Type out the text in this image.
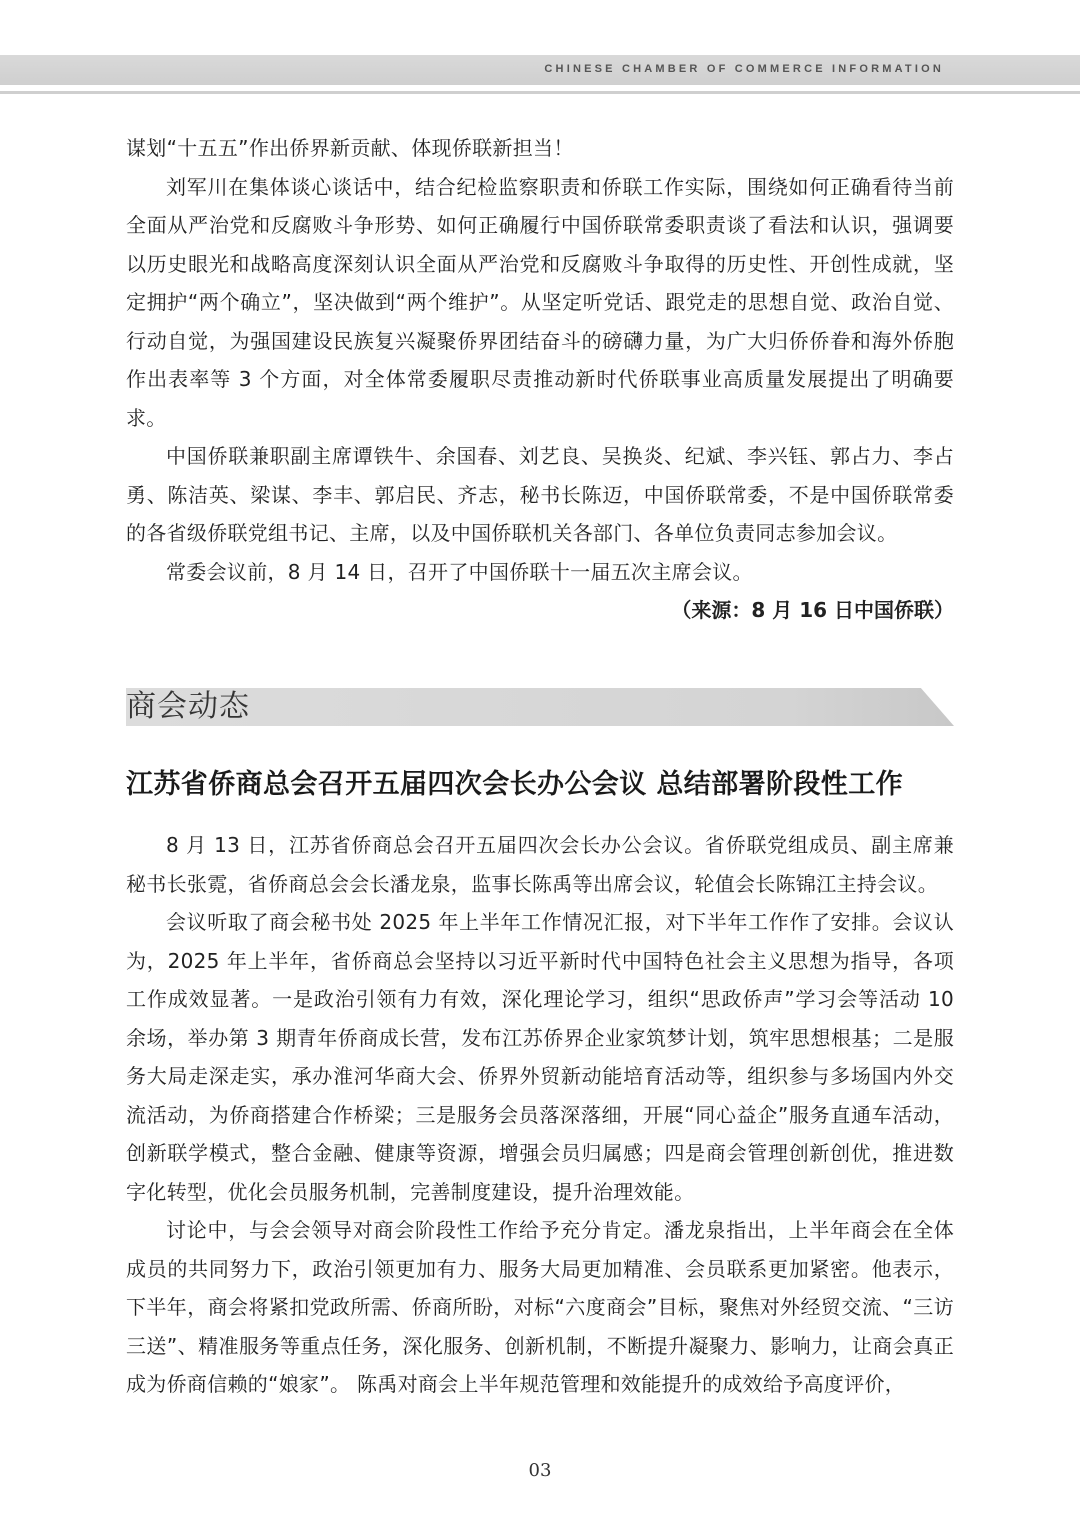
CHINESE CHAMBER OF COMMERCE INFORMATION

谋划“十五五”作出侨界新贡献、体现侨联新担当！

刘军川在集体谈心谈话中，结合纪检监察职责和侨联工作实际，围绕如何正确看待当前全面从严治党和反腐败斗争形势、如何正确履行中国侨联常委职责谈了看法和认识，强调要以历史眼光和战略高度深刻认识全面从严治党和反腐败斗争取得的历史性、开创性成就，坚定拥护“两个确立”，坚决做到“两个维护”。从坚定听党话、跟党走的思想自觉、政治自觉、行动自觉，为强国建设民族复兴凝聚侨界团结奋斗的磅礴力量，为广大归侨侨眷和海外侨胞作出表率等 3 个方面，对全体常委履职尽责推动新时代侨联事业高质量发展提出了明确要求。

中国侨联兼职副主席谭铁牛、余国春、刘艺良、吴换炎、纪斌、李兴钰、郭占力、李占勇、陈洁英、梁谋、李丰、郭启民、齐志，秘书长陈迈，中国侨联常委，不是中国侨联常委的各省级侨联党组书记、主席，以及中国侨联机关各部门、各单位负责同志参加会议。

常委会议前，8 月 14 日，召开了中国侨联十一届五次主席会议。

（来源：8 月 16 日中国侨联）

商会动态
江苏省侨商总会召开五届四次会长办公会议 总结部署阶段性工作

8 月 13 日，江苏省侨商总会召开五届四次会长办公会议。省侨联党组成员、副主席兼秘书长张霓，省侨商总会会长潘龙泉，监事长陈禹等出席会议，轮值会长陈锦江主持会议。

会议听取了商会秘书处 2025 年上半年工作情况汇报，对下半年工作作了安排。会议认为，2025 年上半年，省侨商总会坚持以习近平新时代中国特色社会主义思想为指导，各项工作成效显著。一是政治引领有力有效，深化理论学习，组织“思政侨声”学习会等活动 10 余场，举办第 3 期青年侨商成长营，发布江苏侨界企业家筑梦计划，筑牢思想根基；二是服务大局走深走实，承办淮河华商大会、侨界外贸新动能培育活动等，组织参与多场国内外交流活动，为侨商搭建合作桥梁；三是服务会员落深落细，开展“同心益企”服务直通车活动，创新联学模式，整合金融、健康等资源，增强会员归属感；四是商会管理创新创优，推进数字化转型，优化会员服务机制，完善制度建设，提升治理效能。

讨论中，与会会领导对商会阶段性工作给予充分肯定。潘龙泉指出，上半年商会在全体成员的共同努力下，政治引领更加有力、服务大局更加精准、会员联系更加紧密。他表示，下半年，商会将紧扣党政所需、侨商所盼，对标“六度商会”目标，聚焦对外经贸交流、“三访三送”、精准服务等重点任务，深化服务、创新机制，不断提升凝聚力、影响力，让商会真正成为侨商信赖的“娘家”。 陈禹对商会上半年规范管理和效能提升的成效给予高度评价，

03
